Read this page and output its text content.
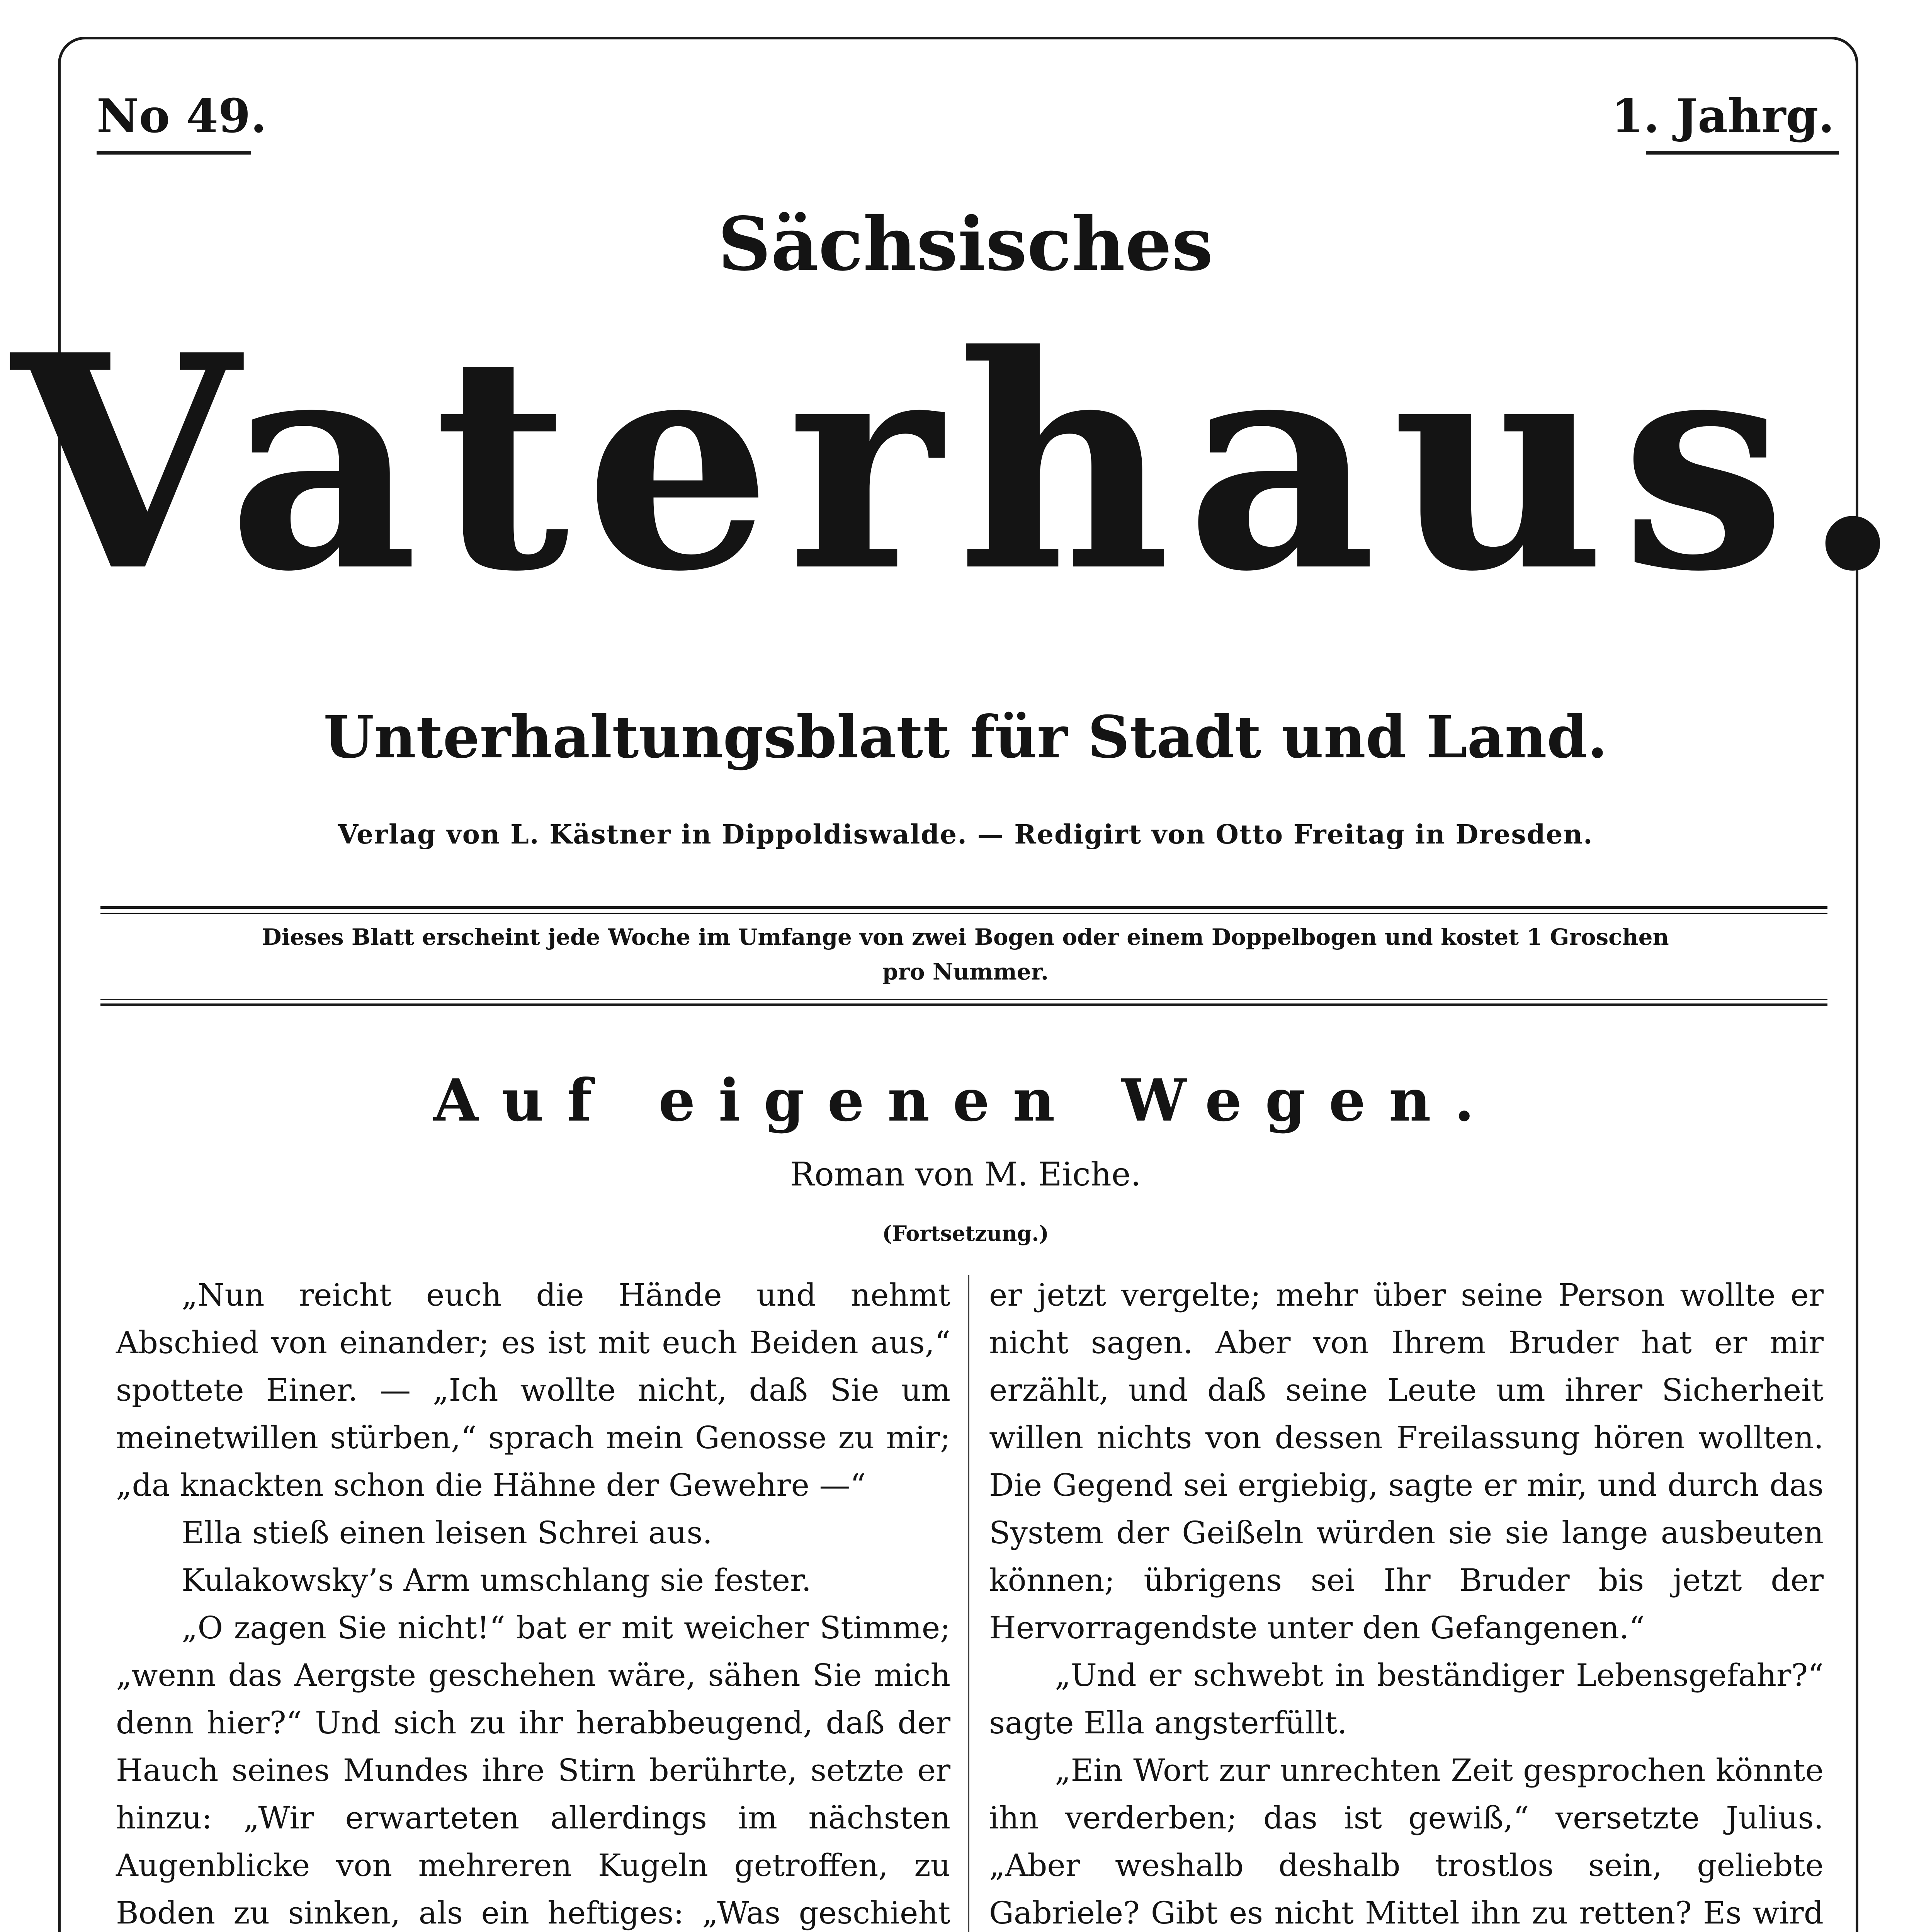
No 49.	1. Jahrg.
Sächsisches
Vaterhaus.
Unterhaltungsblatt für Stadt und Land.
Verlag von L. Kästner in Dippoldiswalde. — Redigirt von Otto Freitag in Dresden.
Dieses Blatt erscheint jede Woche im Umfange von zwei Bogen oder einem Doppelbogen und kostet 1 Groschen
pro Nummer.
Auf eigenen Wegen.
Roman von M. Eiche.
(Fortsetzung.)

„Nun reicht euch die Hände und nehmt Abschied von einander; es ist mit euch Beiden aus,“ spottete Einer. — „Ich wollte nicht, daß Sie um meinetwillen stürben,“ sprach mein Genosse zu mir; „da knackten schon die Hähne der Gewehre —“

Ella stieß einen leisen Schrei aus.

Kulakowsky’s Arm umschlang sie fester.

„O zagen Sie nicht!“ bat er mit weicher Stimme; „wenn das Aergste geschehen wäre, sähen Sie mich denn hier?“ Und sich zu ihr herabbeugend, daß der Hauch seines Mundes ihre Stirn berührte, setzte er hinzu: „Wir erwarteten allerdings im nächsten Augenblicke von mehreren Kugeln getroffen, zu Boden zu sinken, als ein heftiges: „Was geschieht

er jetzt vergelte; mehr über seine Person wollte er nicht sagen. Aber von Ihrem Bruder hat er mir erzählt, und daß seine Leute um ihrer Sicherheit willen nichts von dessen Freilassung hören wollten. Die Gegend sei ergiebig, sagte er mir, und durch das System der Geißeln würden sie sie lange ausbeuten können; übrigens sei Ihr Bruder bis jetzt der Hervorragendste unter den Gefangenen.“

„Und er schwebt in beständiger Lebensgefahr?“ sagte Ella angsterfüllt.

„Ein Wort zur unrechten Zeit gesprochen könnte ihn verderben; das ist gewiß,“ versetzte Julius. „Aber weshalb deshalb trostlos sein, geliebte Gabriele? Gibt es nicht Mittel ihn zu retten? Es wird
